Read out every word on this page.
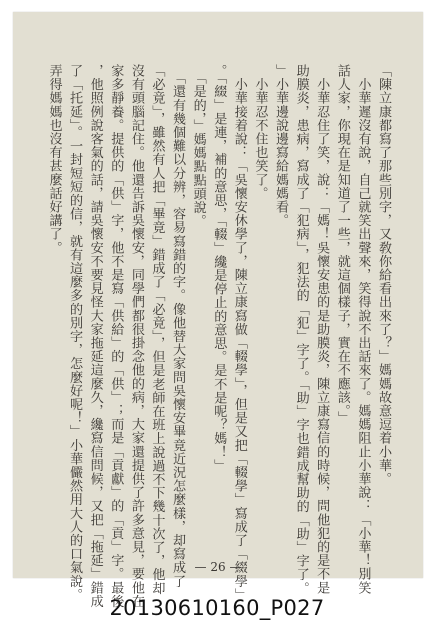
「陳立康都寫了那些別字，又敎你給看出來了？」媽媽故意逗着小華。

　小華遲沒有說，自己就笑出聲來，笑得說不出話來了。媽媽阻止小華說：「小華！別笑

話人家，你現在是知道了一些，就這個樣子，實在不應該。」

　小華忍住了笑，說：「媽！吳懷安患的是助膜炎，陳立康寫信的時候，問他犯的是不是

助膜炎，患病，寫成了「犯病」，犯法的「犯」字了。「助」字也錯成幫助的「助」字了。

」小華邊說邊寫給媽媽看。

　小華忍不住也笑了。

　小華接着說：「吳懷安休學了，陳立康寫做「輟學」，但是又把「輟學」寫成了「綴學」

。「綴」是連，補的意思，「輟」纔是停止的意思。是不是呢？媽！」

　「是的，」媽媽點點頭說。

　「還有幾個難以分辨，容易寫錯的字。像他替大家問吳懷安畢竟近況怎麼樣，却寫成了

「必竟」，雖然有人把「畢竟」錯成了「必竟」，但是老師在班上說過不下幾十次了，他却

沒有頭腦記住。他還告訴吳懷安，同學們都很掛念他的病，大家還提供了許多意見，要他在

家多靜養。提供的「供」字，他不是寫「供給」的「供」；而是「貢獻」的「貢」字。最後

，他照例說客氣的話，請吳懷安不要見怪大家拖延這麼久，纔寫信問候，又把「拖延」錯成

了「托延」。一封短短的信，就有這麼多的別字，怎麼好呢！」小華儼然用大人的口氣說。

弄得媽媽也沒有甚麼話好講了。

— 26 —
20130610160_P027
